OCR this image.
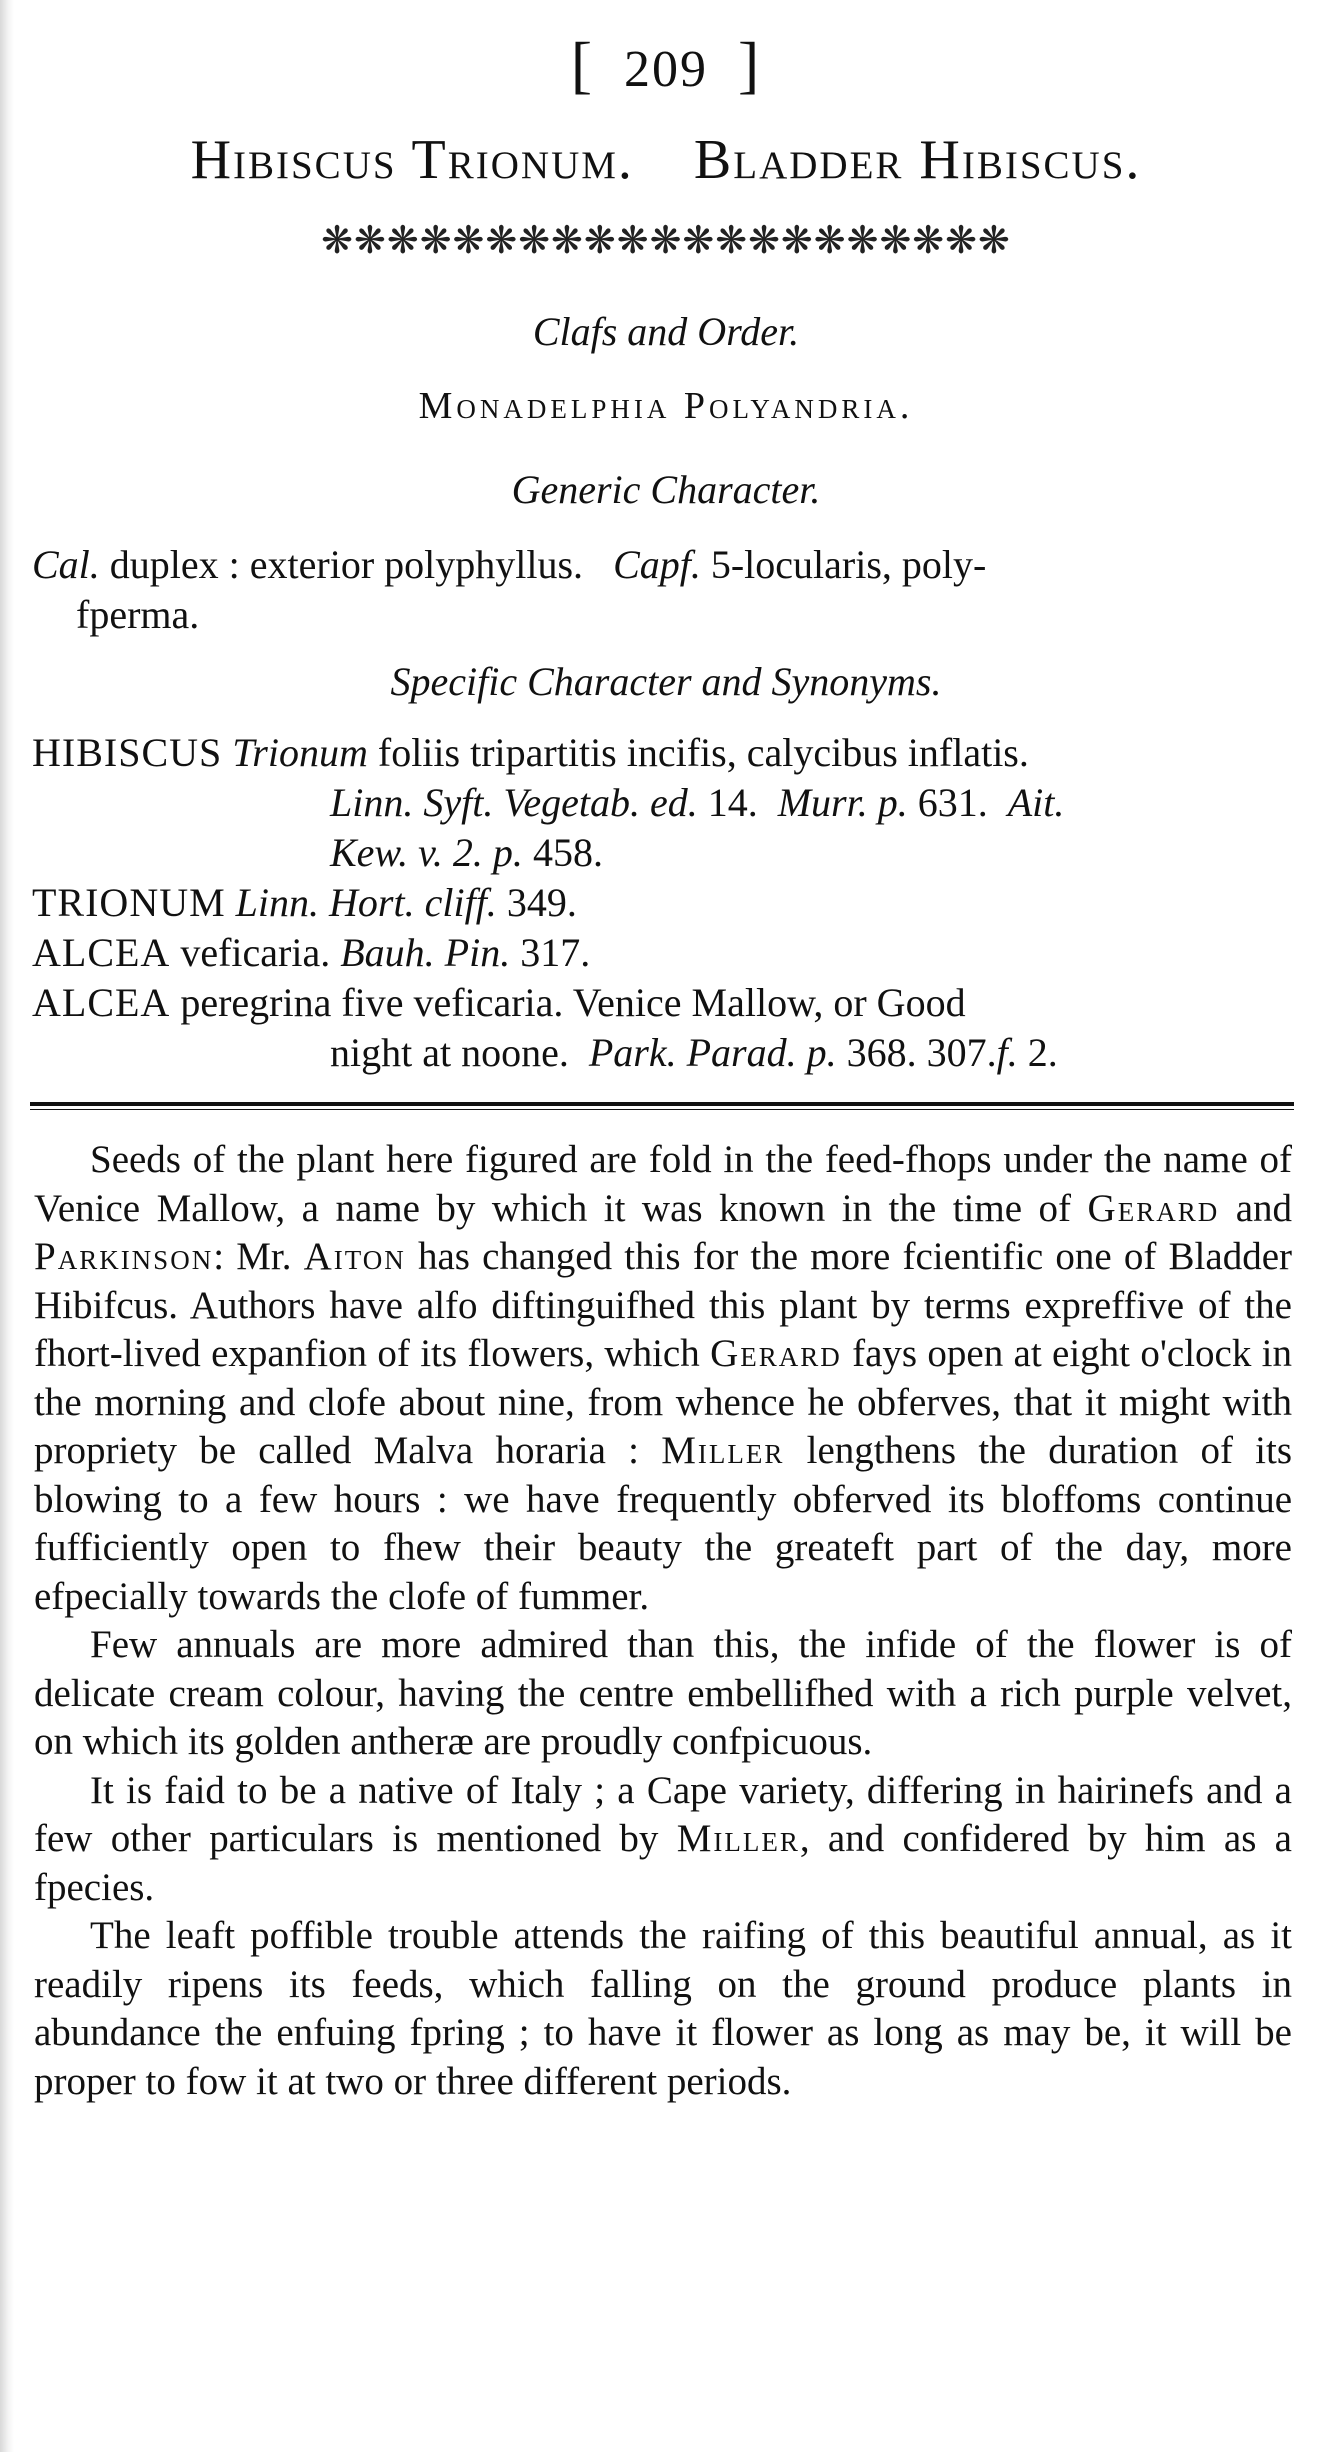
[ 209 ]
Hibiscus Trionum. Bladder Hibiscus.
❋❋❋❋❋❋❋❋❋❋❋❋❋❋❋❋❋❋❋❋❋
Clafs and Order.
Monadelphia Polyandria.
Generic Character.
Cal. duplex : exterior polyphyllus. Capf. 5-locularis, poly-
fperma.
Specific Character and Synonyms.
HIBISCUS Trionum foliis tripartitis incifis, calycibus inflatis.
Linn. Syft. Vegetab. ed. 14. Murr. p. 631. Ait.
Kew. v. 2. p. 458.
TRIONUM Linn. Hort. cliff. 349.
ALCEA veficaria. Bauh. Pin. 317.
ALCEA peregrina five veficaria. Venice Mallow, or Good
night at noone. Park. Parad. p. 368. 307.f. 2.

Seeds of the plant here figured are fold in the feed-fhops under the name of Venice Mallow, a name by which it was known in the time of Gerard and Parkinson: Mr. Aiton has changed this for the more fcientific one of Bladder Hibifcus. Authors have alfo diftinguifhed this plant by terms expreffive of the fhort-lived expanfion of its flowers, which Gerard fays open at eight o'clock in the morning and clofe about nine, from whence he obferves, that it might with propriety be called Malva horaria : Miller lengthens the duration of its blowing to a few hours : we have frequently obferved its bloffoms continue fufficiently open to fhew their beauty the greateft part of the day, more efpecially towards the clofe of fummer.

Few annuals are more admired than this, the infide of the flower is of delicate cream colour, having the centre embellifhed with a rich purple velvet, on which its golden antheræ are proudly confpicuous.

It is faid to be a native of Italy ; a Cape variety, differing in hairinefs and a few other particulars is mentioned by Miller, and confidered by him as a fpecies.

The leaft poffible trouble attends the raifing of this beautiful annual, as it readily ripens its feeds, which falling on the ground produce plants in abundance the enfuing fpring ; to have it flower as long as may be, it will be proper to fow it at two or three different periods.
